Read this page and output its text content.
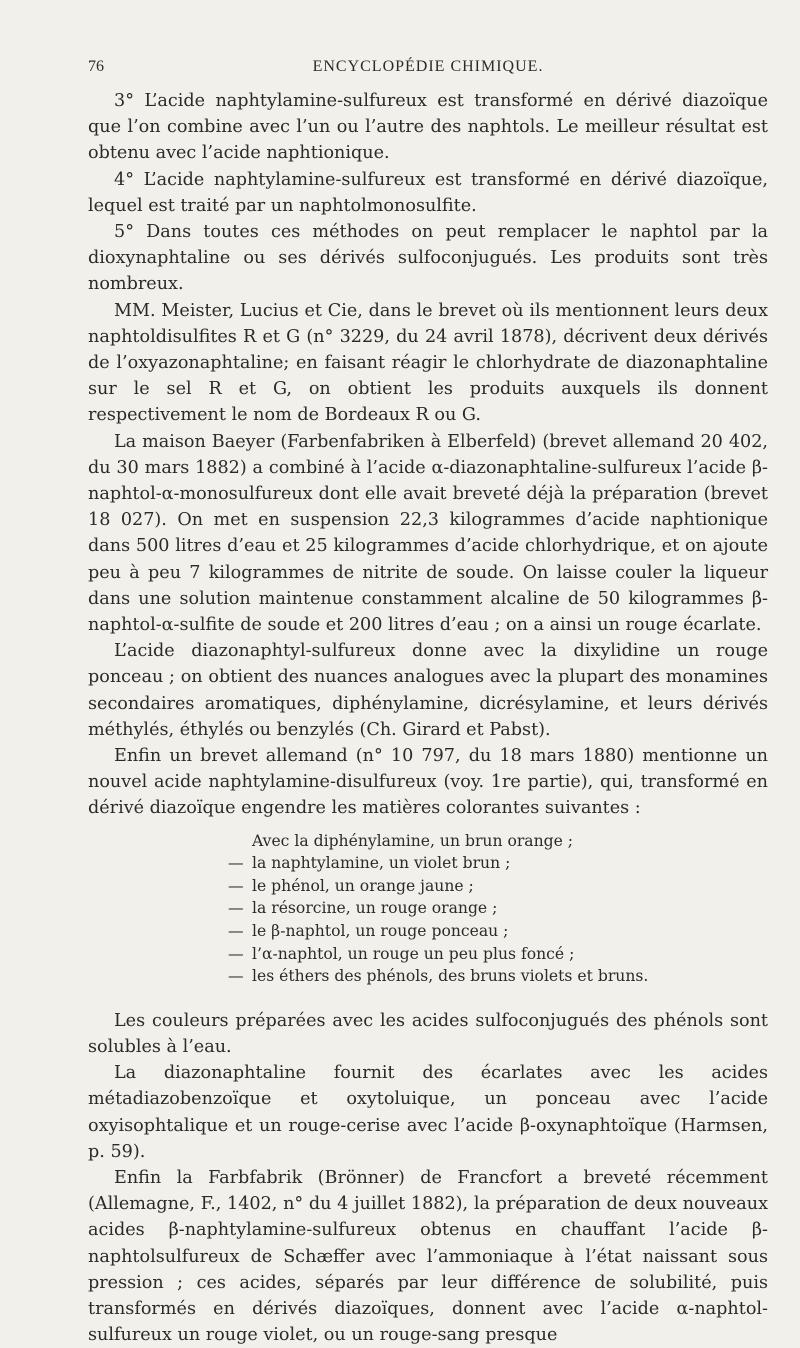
76	ENCYCLOPÉDIE CHIMIQUE.

3° L’acide naphtylamine-sulfureux est transformé en dérivé diazoïque que l’on combine avec l’un ou l’autre des naphtols. Le meilleur résultat est obtenu avec l’acide naphtionique.

4° L’acide naphtylamine-sulfureux est transformé en dérivé diazoïque, lequel est traité par un naphtolmonosulfite.

5° Dans toutes ces méthodes on peut remplacer le naphtol par la dioxynaphtaline ou ses dérivés sulfoconjugués. Les produits sont très nombreux.

MM. Meister, Lucius et Cie, dans le brevet où ils mentionnent leurs deux naphtoldisulfites R et G (n° 3229, du 24 avril 1878), décrivent deux dérivés de l’oxyazonaphtaline; en faisant réagir le chlorhydrate de diazonaphtaline sur le sel R et G, on obtient les produits auxquels ils donnent respectivement le nom de Bordeaux R ou G.

La maison Baeyer (Farbenfabriken à Elberfeld) (brevet allemand 20 402, du 30 mars 1882) a combiné à l’acide α-diazonaphtaline-sulfureux l’acide β-naphtol-α-monosulfureux dont elle avait breveté déjà la préparation (brevet 18 027). On met en suspension 22,3 kilogrammes d’acide naphtionique dans 500 litres d’eau et 25 kilogrammes d’acide chlorhydrique, et on ajoute peu à peu 7 kilogrammes de nitrite de soude. On laisse couler la liqueur dans une solution maintenue constamment alcaline de 50 kilogrammes β-naphtol-α-sulfite de soude et 200 litres d’eau ; on a ainsi un rouge écarlate.

L’acide diazonaphtyl-sulfureux donne avec la dixylidine un rouge ponceau ; on obtient des nuances analogues avec la plupart des monamines secondaires aromatiques, diphénylamine, dicrésylamine, et leurs dérivés méthylés, éthylés ou benzylés (Ch. Girard et Pabst).

Enfin un brevet allemand (n° 10 797, du 18 mars 1880) mentionne un nouvel acide naphtylamine-disulfureux (voy. 1re partie), qui, transformé en dérivé diazoïque engendre les matières colorantes suivantes :

Avec la diphénylamine, un brun orange ;
— la naphtylamine, un violet brun ;
— le phénol, un orange jaune ;
— la résorcine, un rouge orange ;
— le β-naphtol, un rouge ponceau ;
— l’α-naphtol, un rouge un peu plus foncé ;
— les éthers des phénols, des bruns violets et bruns.

Les couleurs préparées avec les acides sulfoconjugués des phénols sont solubles à l’eau.

La diazonaphtaline fournit des écarlates avec les acides métadiazobenzoïque et oxytoluique, un ponceau avec l’acide oxyisophtalique et un rouge-cerise avec l’acide β-oxynaphtoïque (Harmsen, p. 59).

Enfin la Farbfabrik (Brönner) de Francfort a breveté récemment (Allemagne, F., 1402, n° du 4 juillet 1882), la préparation de deux nouveaux acides β-naphtylamine-sulfureux obtenus en chauffant l’acide β-naphtolsulfureux de Schæffer avec l’ammoniaque à l’état naissant sous pression ; ces acides, séparés par leur différence de solubilité, puis transformés en dérivés diazoïques, donnent avec l’acide α-naphtol-sulfureux un rouge violet, ou un rouge-sang presque
